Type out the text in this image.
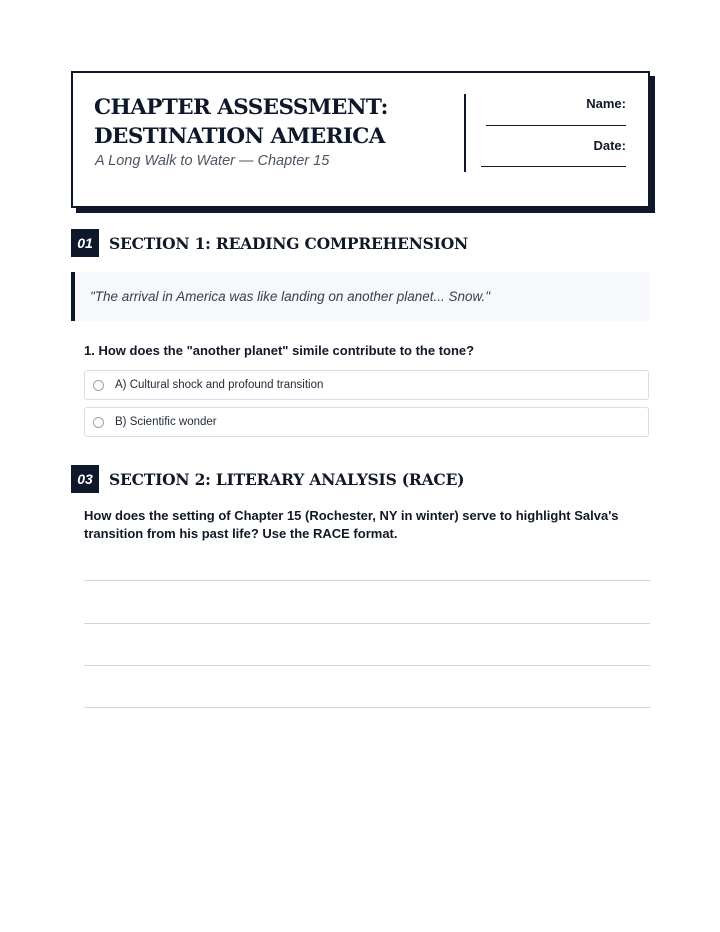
CHAPTER ASSESSMENT:
DESTINATION AMERICA
A Long Walk to Water — Chapter 15
Name:
Date:
01	SECTION 1: READING COMPREHENSION
"The arrival in America was like landing on another planet... Snow."
1. How does the "another planet" simile contribute to the tone?
A) Cultural shock and profound transition
B) Scientific wonder
03	SECTION 2: LITERARY ANALYSIS (RACE)
How does the setting of Chapter 15 (Rochester, NY in winter) serve to highlight Salva's transition from his past life? Use the RACE format.
